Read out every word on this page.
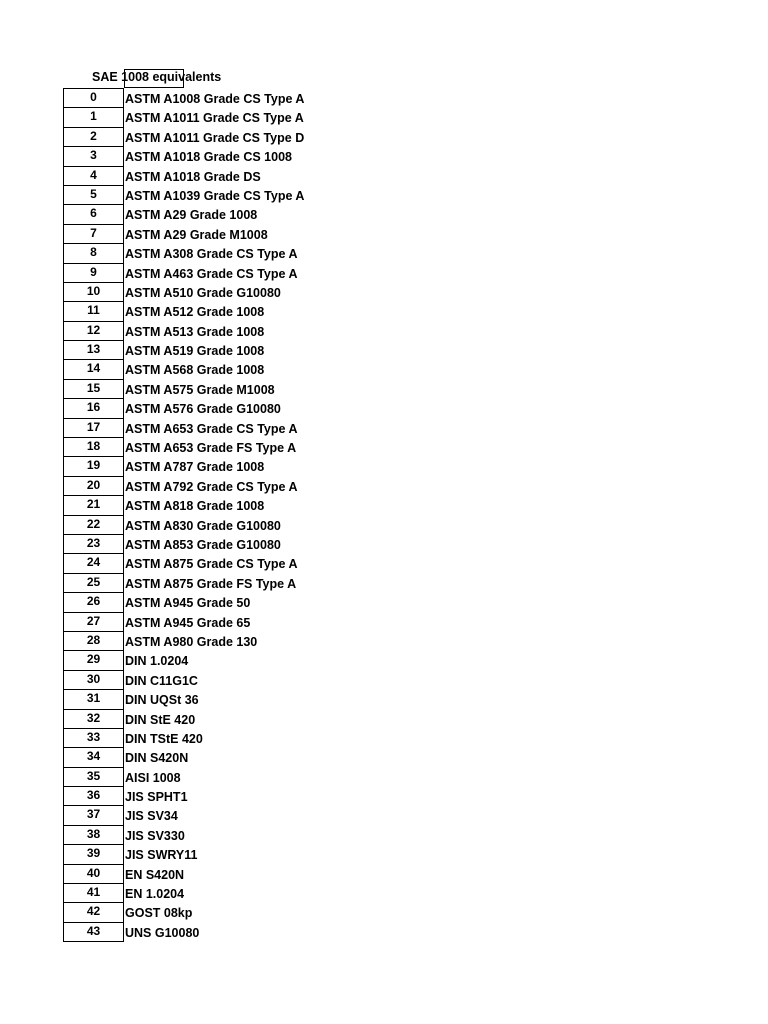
SAE 1008 equivalents
0	ASTM A1008 Grade CS Type A
1	ASTM A1011 Grade CS Type A
2	ASTM A1011 Grade CS Type D
3	ASTM A1018 Grade CS 1008
4	ASTM A1018 Grade DS
5	ASTM A1039 Grade CS Type A
6	ASTM A29 Grade 1008
7	ASTM A29 Grade M1008
8	ASTM A308 Grade CS Type A
9	ASTM A463 Grade CS Type A
10	ASTM A510 Grade G10080
11	ASTM A512 Grade 1008
12	ASTM A513 Grade 1008
13	ASTM A519 Grade 1008
14	ASTM A568 Grade 1008
15	ASTM A575 Grade M1008
16	ASTM A576 Grade G10080
17	ASTM A653 Grade CS Type A
18	ASTM A653 Grade FS Type A
19	ASTM A787 Grade 1008
20	ASTM A792 Grade CS Type A
21	ASTM A818 Grade 1008
22	ASTM A830 Grade G10080
23	ASTM A853 Grade G10080
24	ASTM A875 Grade CS Type A
25	ASTM A875 Grade FS Type A
26	ASTM A945 Grade 50
27	ASTM A945 Grade 65
28	ASTM A980 Grade 130
29	DIN 1.0204
30	DIN C11G1C
31	DIN UQSt 36
32	DIN StE 420
33	DIN TStE 420
34	DIN S420N
35	AISI 1008
36	JIS SPHT1
37	JIS SV34
38	JIS SV330
39	JIS SWRY11
40	EN S420N
41	EN 1.0204
42	GOST 08kp
43	UNS G10080
